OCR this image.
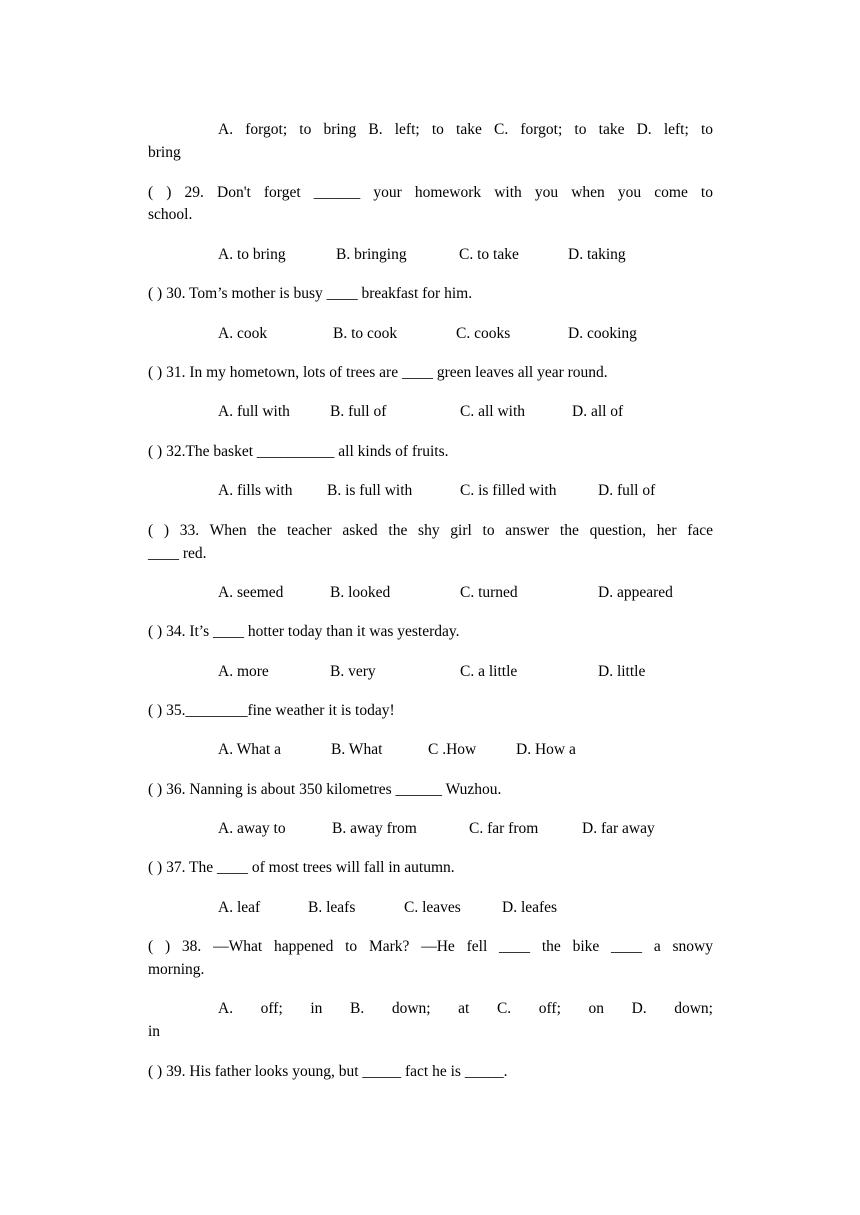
A. forgot; to bring B. left; to take C. forgot; to take D. left; to
bring
( ) 29. Don't forget ______ your homework with you when you come to
school.
A. to bring	B. bringing	C. to take	D. taking
( ) 30. Tom’s mother is busy ____ breakfast for him.
A. cook	B. to cook	C. cooks	D. cooking
( ) 31. In my hometown, lots of trees are ____ green leaves all year round.
A. full with	B. full of	C. all with	D. all of
( ) 32.The basket __________ all kinds of fruits.
A. fills with B. is full with	C. is filled with	D. full of
( ) 33. When the teacher asked the shy girl to answer the question, her face
____ red.
A. seemed	B. looked	C. turned	D. appeared
( ) 34. It’s ____ hotter today than it was yesterday.
A. more	B. very	C. a little	D. little
( ) 35.________fine weather it is today!
A. What a	B. What	C .How	D. How a
( ) 36. Nanning is about 350 kilometres ______ Wuzhou.
A. away to	B. away from	C. far from	D. far away
( ) 37. The ____ of most trees will fall in autumn.
A. leaf	B. leafs	C. leaves	D. leafes
( ) 38. —What happened to Mark? —He fell ____ the bike ____ a snowy
morning.
A. off; in B. down; at C. off; on D. down;
in
( ) 39. His father looks young, but _____ fact he is _____.
